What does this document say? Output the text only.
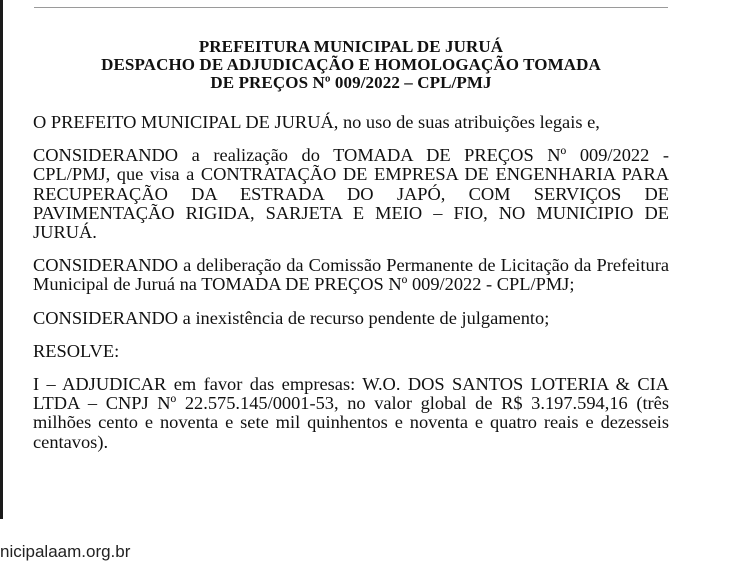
PREFEITURA MUNICIPAL DE JURUÁ
DESPACHO DE ADJUDICAÇÃO E HOMOLOGAÇÃO TOMADA
DE PREÇOS Nº 009/2022 – CPL/PMJ

O PREFEITO MUNICIPAL DE JURUÁ, no uso de suas atribuições legais e,

CONSIDERANDO a realização do TOMADA DE PREÇOS Nº 009/2022 - CPL/PMJ, que visa a CONTRATAÇÃO DE EMPRESA DE ENGENHARIA PARA RECUPERAÇÃO DA ESTRADA DO JAPÓ, COM SERVIÇOS DE PAVIMENTAÇÃO RIGIDA, SARJETA E MEIO – FIO, NO MUNICIPIO DE JURUÁ.

CONSIDERANDO a deliberação da Comissão Permanente de Licitação da Prefeitura Municipal de Juruá na TOMADA DE PREÇOS Nº 009/2022 - CPL/PMJ;

CONSIDERANDO a inexistência de recurso pendente de julgamento;

RESOLVE:

I – ADJUDICAR em favor das empresas: W.O. DOS SANTOS LOTERIA & CIA LTDA – CNPJ Nº 22.575.145/0001-53, no valor global de R$ 3.197.594,16 (três milhões cento e noventa e sete mil quinhentos e noventa e quatro reais e dezesseis centavos).

nicipalaam.org.br
